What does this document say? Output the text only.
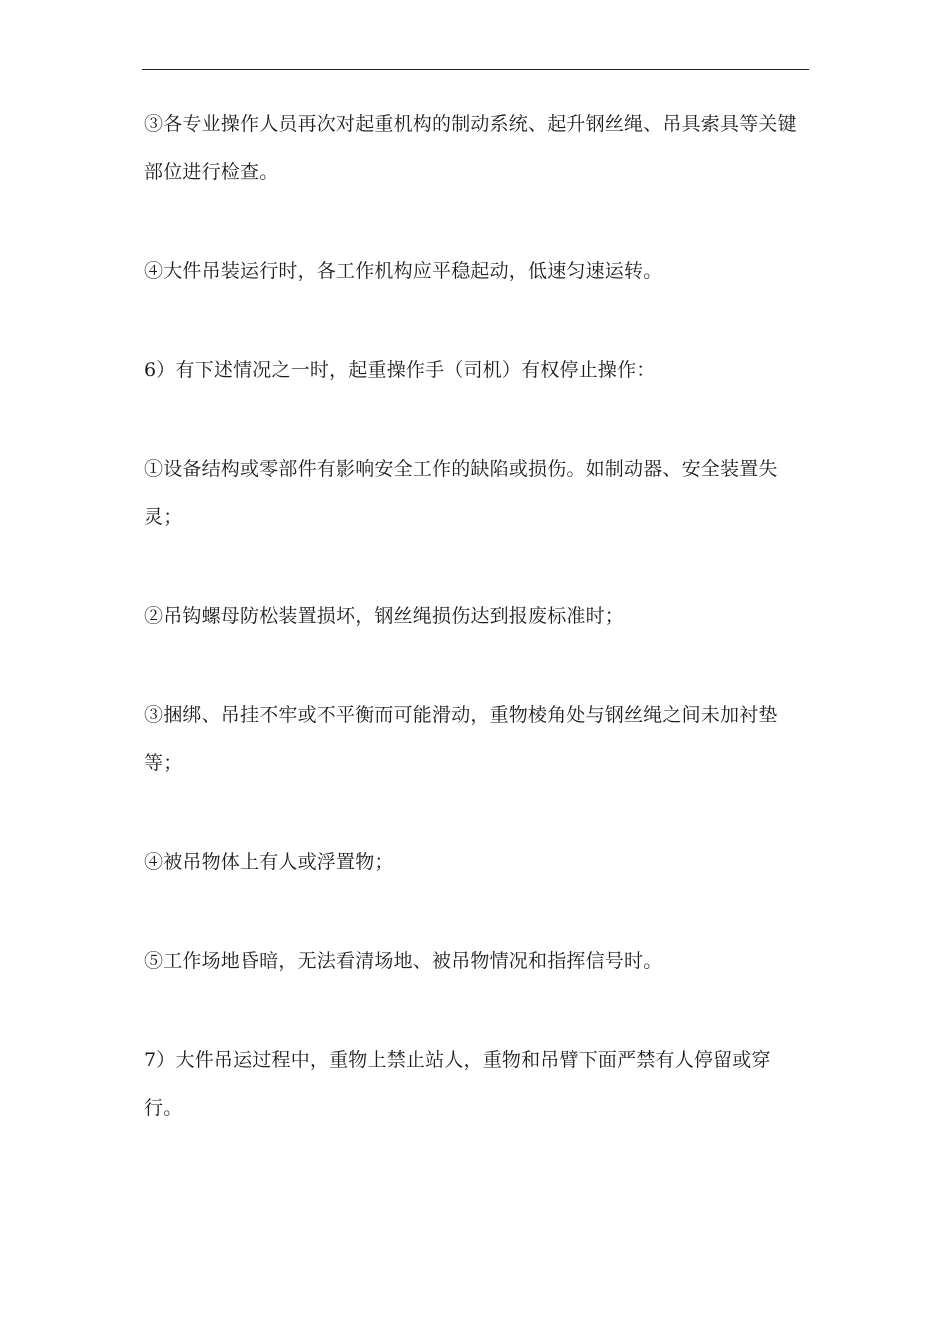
③各专业操作人员再次对起重机构的制动系统、起升钢丝绳、吊具索具等关键部位进行检查。

④大件吊装运行时，各工作机构应平稳起动，低速匀速运转。

6）有下述情况之一时，起重操作手（司机）有权停止操作：

①设备结构或零部件有影响安全工作的缺陷或损伤。如制动器、安全装置失灵；

②吊钩螺母防松装置损坏，钢丝绳损伤达到报废标准时；

③捆绑、吊挂不牢或不平衡而可能滑动，重物棱角处与钢丝绳之间未加衬垫等；

④被吊物体上有人或浮置物；

⑤工作场地昏暗，无法看清场地、被吊物情况和指挥信号时。

7）大件吊运过程中，重物上禁止站人，重物和吊臂下面严禁有人停留或穿行。
